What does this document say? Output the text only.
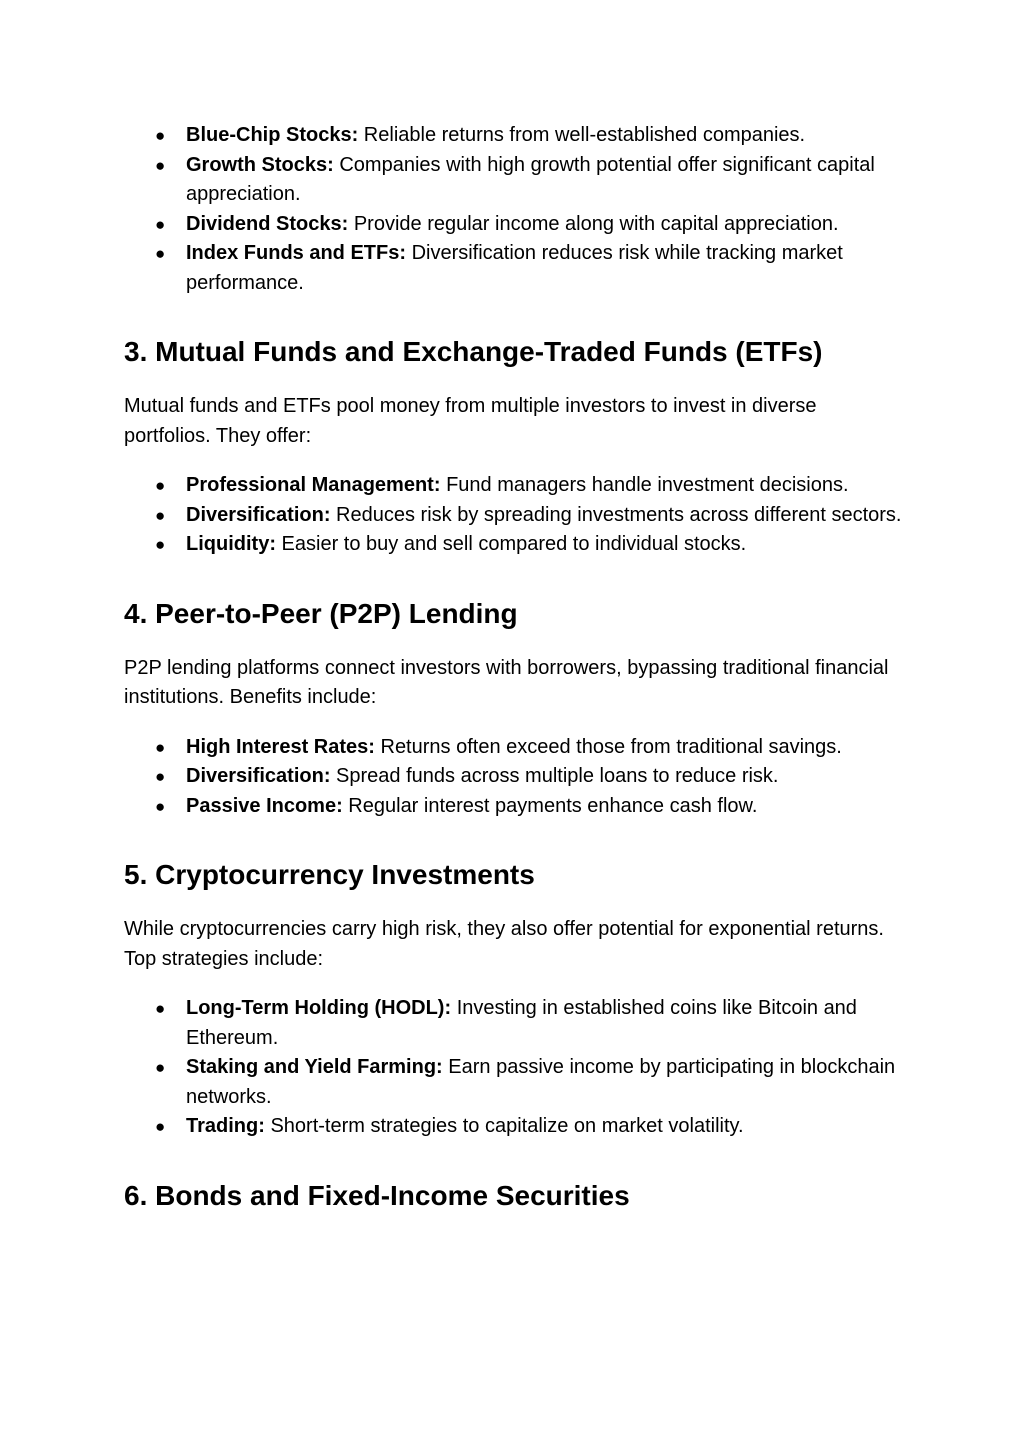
● Blue-Chip Stocks: Reliable returns from well-established companies.
● Growth Stocks: Companies with high growth potential offer significant capital appreciation.
● Dividend Stocks: Provide regular income along with capital appreciation.
● Index Funds and ETFs: Diversification reduces risk while tracking market performance.
3. Mutual Funds and Exchange-Traded Funds (ETFs)

Mutual funds and ETFs pool money from multiple investors to invest in diverse portfolios. They offer:

● Professional Management: Fund managers handle investment decisions.
● Diversification: Reduces risk by spreading investments across different sectors.
● Liquidity: Easier to buy and sell compared to individual stocks.
4. Peer-to-Peer (P2P) Lending

P2P lending platforms connect investors with borrowers, bypassing traditional financial institutions. Benefits include:

● High Interest Rates: Returns often exceed those from traditional savings.
● Diversification: Spread funds across multiple loans to reduce risk.
● Passive Income: Regular interest payments enhance cash flow.
5. Cryptocurrency Investments

While cryptocurrencies carry high risk, they also offer potential for exponential returns. Top strategies include:

● Long-Term Holding (HODL): Investing in established coins like Bitcoin and Ethereum.
● Staking and Yield Farming: Earn passive income by participating in blockchain networks.
● Trading: Short-term strategies to capitalize on market volatility.
6. Bonds and Fixed-Income Securities
